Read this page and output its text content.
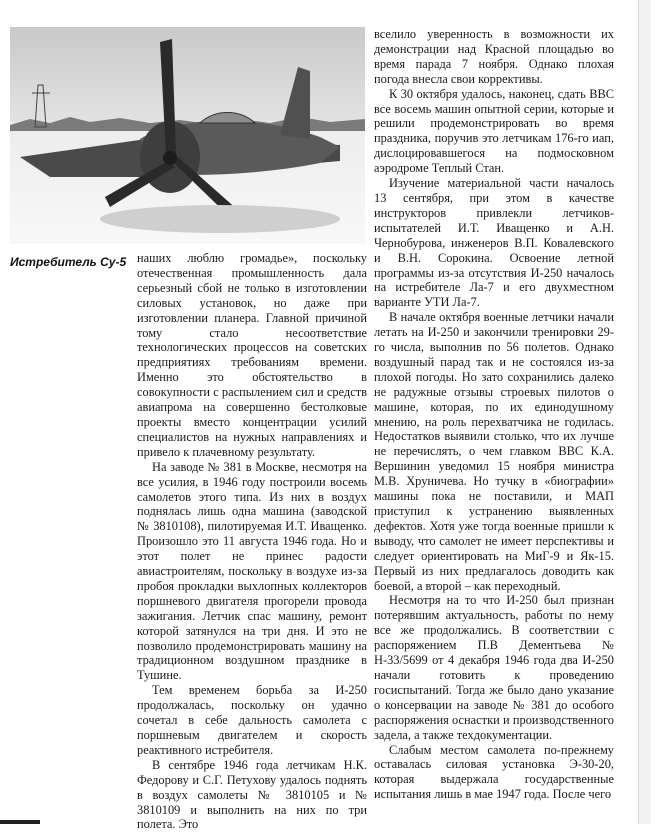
Истребитель Су-5 наших люблю громадье», поскольку отечественная промышленность дала серьезный сбой не только в изготовлении силовых установок, но даже при изготовлении планера. Главной причиной тому стало несоответствие технологических процессов на советских предприятиях требованиям времени. Именно это обстоятельство в совокупности с распылением сил и средств авиапрома на совершенно бестолковые проекты вместо концентрации усилий специалистов на нужных направлениях и привело к плачевному результату.

На заводе № 381 в Москве, несмотря на все усилия, в 1946 году построили восемь самолетов этого типа. Из них в воздух поднялась лишь одна машина (заводской № 3810108), пилотируемая И.Т. Иващенко. Произошло это 11 августа 1946 года. Но и этот полет не принес радости авиастроителям, поскольку в воздухе из-за пробоя прокладки выхлопных коллекторов поршневого двигателя прогорели провода зажигания. Летчик спас машину, ремонт которой затянулся на три дня. И это не позволило продемонстрировать машину на традиционном воздушном празднике в Тушине.

Тем временем борьба за И-250 продолжалась, поскольку он удачно сочетал в себе дальность самолета с поршневым двигателем и скорость реактивного истребителя.

В сентябре 1946 года летчикам Н.К. Федорову и С.Г. Петухову удалось поднять в воздух самолеты № 3810105 и № 3810109 и выполнить на них по три полета. Это

вселило уверенность в возможности их демонстрации над Красной площадью во время парада 7 ноября. Однако плохая погода внесла свои коррективы.

К 30 октября удалось, наконец, сдать ВВС все восемь машин опытной серии, которые и решили продемонстрировать во время праздника, поручив это летчикам 176-го иап, дислоцировавшегося на подмосковном аэродроме Теплый Стан.

Изучение материальной части началось 13 сентября, при этом в качестве инструкторов привлекли летчиков-испытателей И.Т. Иващенко и А.Н. Чернобурова, инженеров В.П. Ковалевского и В.Н. Сорокина. Освоение летной программы из-за отсутствия И-250 началось на истребителе Ла-7 и его двухместном варианте УТИ Ла-7.

В начале октября военные летчики начали летать на И-250 и закончили тренировки 29-го числа, выполнив по 56 полетов. Однако воздушный парад так и не состоялся из-за плохой погоды. Но зато сохранились далеко не радужные отзывы строевых пилотов о машине, которая, по их единодушному мнению, на роль перехватчика не годилась. Недостатков выявили столько, что их лучше не перечислять, о чем главком ВВС К.А. Вершинин уведомил 15 ноября министра М.В. Хруничева. Но тучку в «биографии» машины пока не поставили, и МАП приступил к устранению выявленных дефектов. Хотя уже тогда военные пришли к выводу, что самолет не имеет перспективы и следует ориентировать на МиГ-9 и Як-15. Первый из них предлагалось доводить как боевой, а второй – как переходный.

Несмотря на то что И-250 был признан потерявшим актуальность, работы по нему все же продолжались. В соответствии с распоряжением П.В Дементьева № Н-33/5699 от 4 декабря 1946 года два И-250 начали готовить к проведению госиспытаний. Тогда же было дано указание о консервации на заводе № 381 до особого распоряжения оснастки и производственного задела, а также техдокументации.

Слабым местом самолета по-прежнему оставалась силовая установка Э-30-20, которая выдержала государственные испытания лишь в мае 1947 года. После чего
